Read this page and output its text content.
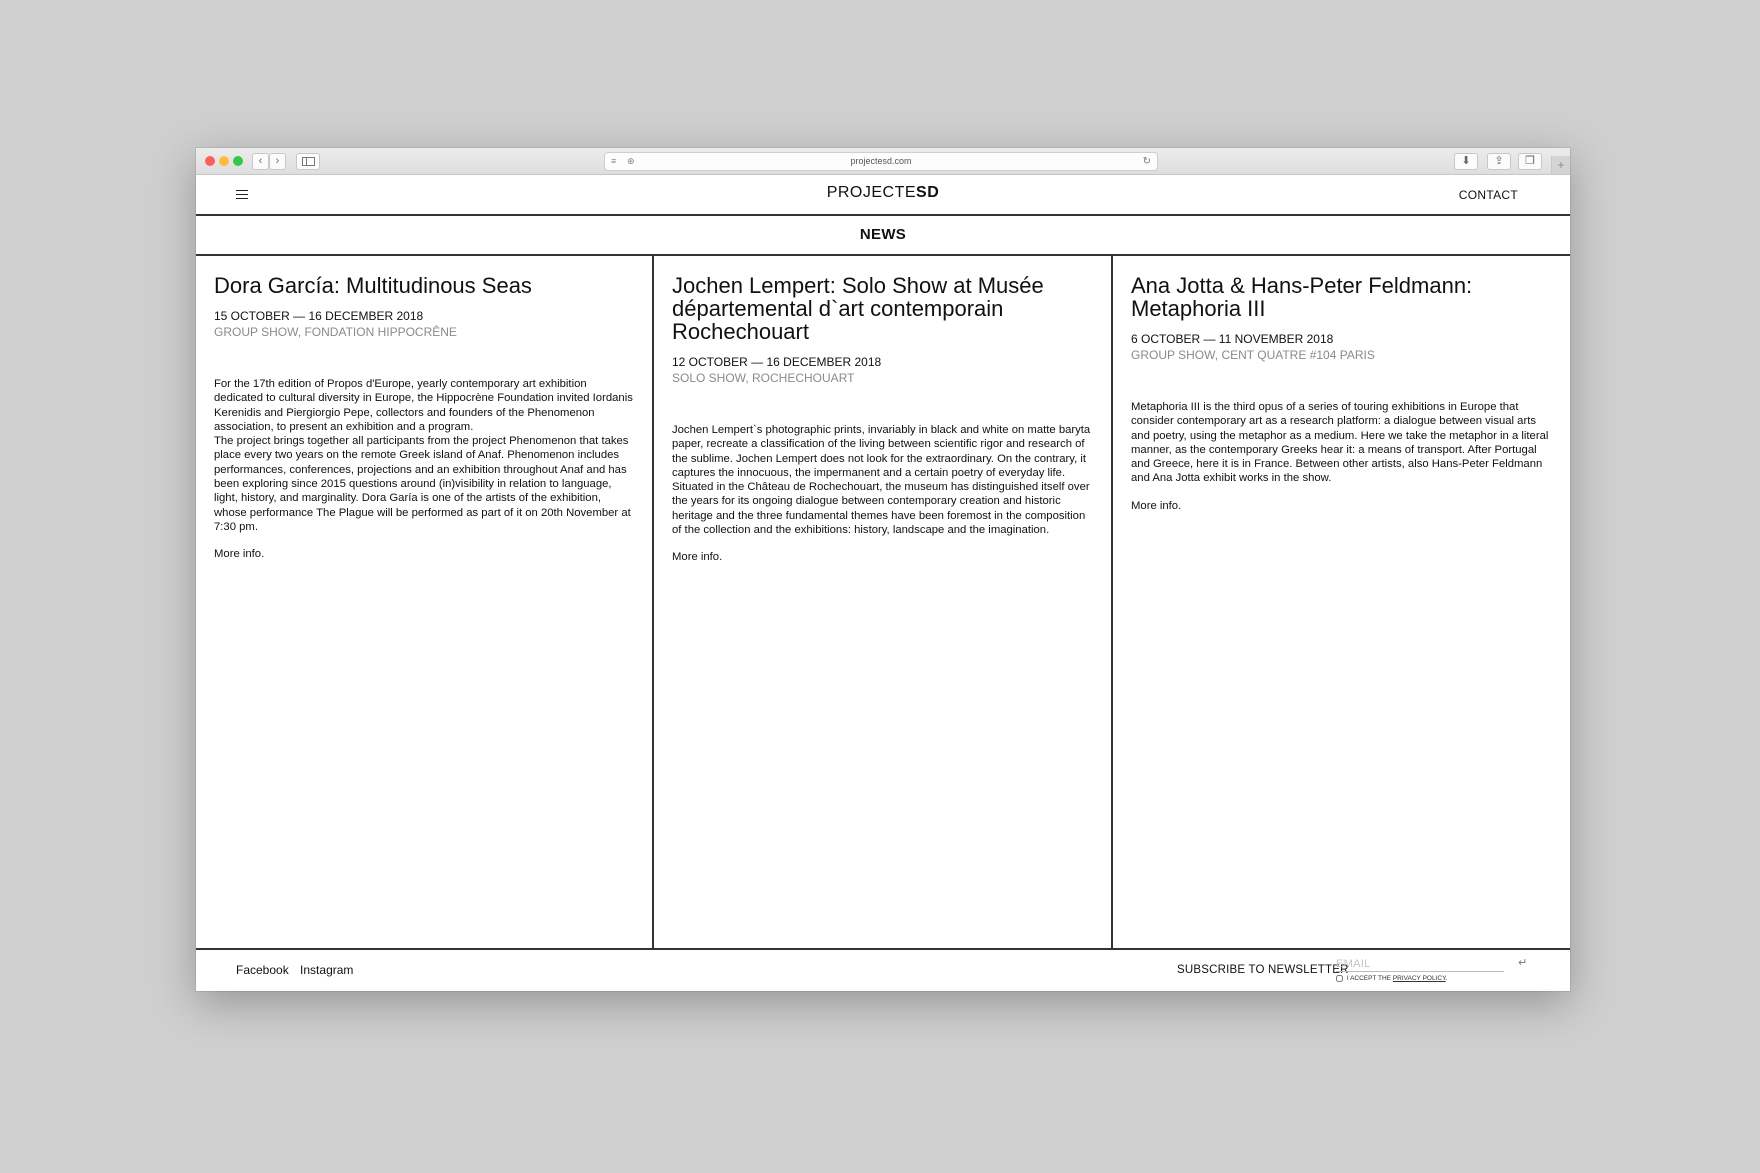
‹	›	≡ ⊕	projectesd.com	↻	⬇	⇪	❐	+
PROJECTESD	CONTACT
NEWS
Dora García: Multitudinous Seas
15 OCTOBER — 16 DECEMBER 2018
GROUP SHOW, FONDATION HIPPOCRÊNE

For the 17th edition of Propos d'Europe, yearly contemporary art exhibition dedicated to cultural diversity in Europe, the Hippocrène Foundation invited Iordanis Kerenidis and Piergiorgio Pepe, collectors and founders of the Phenomenon association, to present an exhibition and a program.

The project brings together all participants from the project Phenomenon that takes place every two years on the remote Greek island of Anaf. Phenomenon includes performances, conferences, projections and an exhibition throughout Anaf and has been exploring since 2015 questions around (in)visibility in relation to language, light, history, and marginality. Dora Garía is one of the artists of the exhibition, whose performance The Plague will be performed as part of it on 20th November at 7:30 pm.

More info.
Jochen Lempert: Solo Show at Musée départemental d`art contemporain Rochechouart
12 OCTOBER — 16 DECEMBER 2018
SOLO SHOW, ROCHECHOUART

Jochen Lempert`s photographic prints, invariably in black and white on matte baryta paper, recreate a classification of the living between scientific rigor and research of the sublime. Jochen Lempert does not look for the extraordinary. On the contrary, it captures the innocuous, the impermanent and a certain poetry of everyday life.

Situated in the Château de Rochechouart, the museum has distinguished itself over the years for its ongoing dialogue between contemporary creation and historic heritage and the three fundamental themes have been foremost in the composition of the collection and the exhibitions: history, landscape and the imagination.

More info.
Ana Jotta & Hans-Peter Feldmann: Metaphoria III
6 OCTOBER — 11 NOVEMBER 2018
GROUP SHOW, CENT QUATRE #104 PARIS

Metaphoria III is the third opus of a series of touring exhibitions in Europe that consider contemporary art as a research platform: a dialogue between visual arts and poetry, using the metaphor as a medium. Here we take the metaphor in a literal manner, as the contemporary Greeks hear it: a means of transport. After Portugal and Greece, here it is in France. Between other artists, also Hans-Peter Feldmann and Ana Jotta exhibit works in the show.

More info.
Facebook Instagram	SUBSCRIBE TO NEWSLETTER
EMAIL
↵
I ACCEPT THE PRIVACY POLICY.
